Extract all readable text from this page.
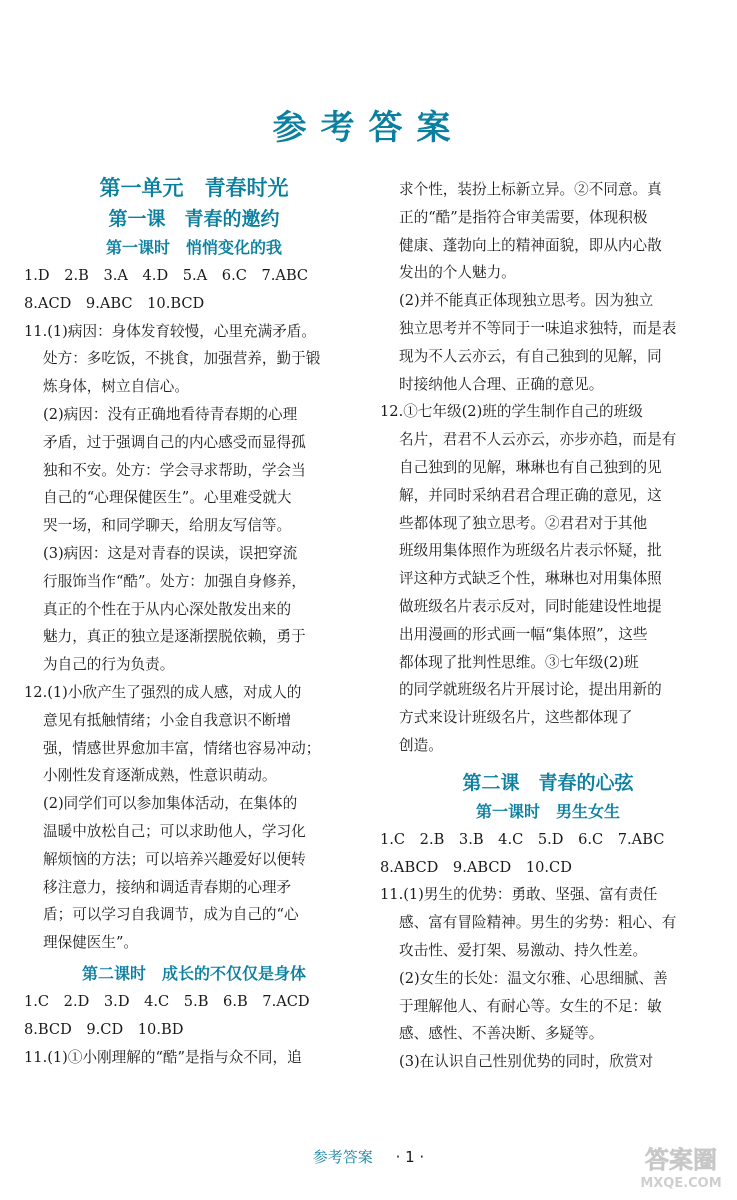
参考答案
第一单元　青春时光
第一课　青春的邀约
第一课时　悄悄变化的我

1.D　2.B　3.A　4.D　5.A　6.C　7.ABC

8.ACD　9.ABC　10.BCD

11.(1)病因：身体发育较慢，心里充满矛盾。

处方：多吃饭，不挑食，加强营养，勤于锻

炼身体，树立自信心。

(2)病因：没有正确地看待青春期的心理

矛盾，过于强调自己的内心感受而显得孤

独和不安。处方：学会寻求帮助，学会当

自己的“心理保健医生”。心里难受就大

哭一场，和同学聊天，给朋友写信等。

(3)病因：这是对青春的误读，误把穿流

行服饰当作“酷”。处方：加强自身修养，

真正的个性在于从内心深处散发出来的

魅力，真正的独立是逐渐摆脱依赖，勇于

为自己的行为负责。

12.(1)小欣产生了强烈的成人感，对成人的

意见有抵触情绪；小金自我意识不断增

强，情感世界愈加丰富，情绪也容易冲动；

小刚性发育逐渐成熟，性意识萌动。

(2)同学们可以参加集体活动，在集体的

温暖中放松自己；可以求助他人，学习化

解烦恼的方法；可以培养兴趣爱好以便转

移注意力，接纳和调适青春期的心理矛

盾；可以学习自我调节，成为自己的“心

理保健医生”。

第二课时　成长的不仅仅是身体

1.C　2.D　3.D　4.C　5.B　6.B　7.ACD

8.BCD　9.CD　10.BD

11.(1)①小刚理解的“酷”是指与众不同，追

求个性，装扮上标新立异。②不同意。真

正的“酷”是指符合审美需要，体现积极

健康、蓬勃向上的精神面貌，即从内心散

发出的个人魅力。

(2)并不能真正体现独立思考。因为独立

独立思考并不等同于一味追求独特，而是表

现为不人云亦云，有自己独到的见解，同

时接纳他人合理、正确的意见。

12.①七年级(2)班的学生制作自己的班级

名片，君君不人云亦云，亦步亦趋，而是有

自己独到的见解，琳琳也有自己独到的见

解，并同时采纳君君合理正确的意见，这

些都体现了独立思考。②君君对于其他

班级用集体照作为班级名片表示怀疑，批

评这种方式缺乏个性，琳琳也对用集体照

做班级名片表示反对，同时能建设性地提

出用漫画的形式画一幅“集体照”，这些

都体现了批判性思维。③七年级(2)班

的同学就班级名片开展讨论，提出用新的

方式来设计班级名片，这些都体现了

创造。

第二课　青春的心弦
第一课时　男生女生

1.C　2.B　3.B　4.C　5.D　6.C　7.ABC

8.ABCD　9.ABCD　10.CD

11.(1)男生的优势：勇敢、坚强、富有责任

感、富有冒险精神。男生的劣势：粗心、有

攻击性、爱打架、易激动、持久性差。

(2)女生的长处：温文尔雅、心思细腻、善

于理解他人、有耐心等。女生的不足：敏

感、感性、不善决断、多疑等。

(3)在认识自己性别优势的同时，欣赏对

参考答案 · 1 ·	答案圈
MXQE.COM
